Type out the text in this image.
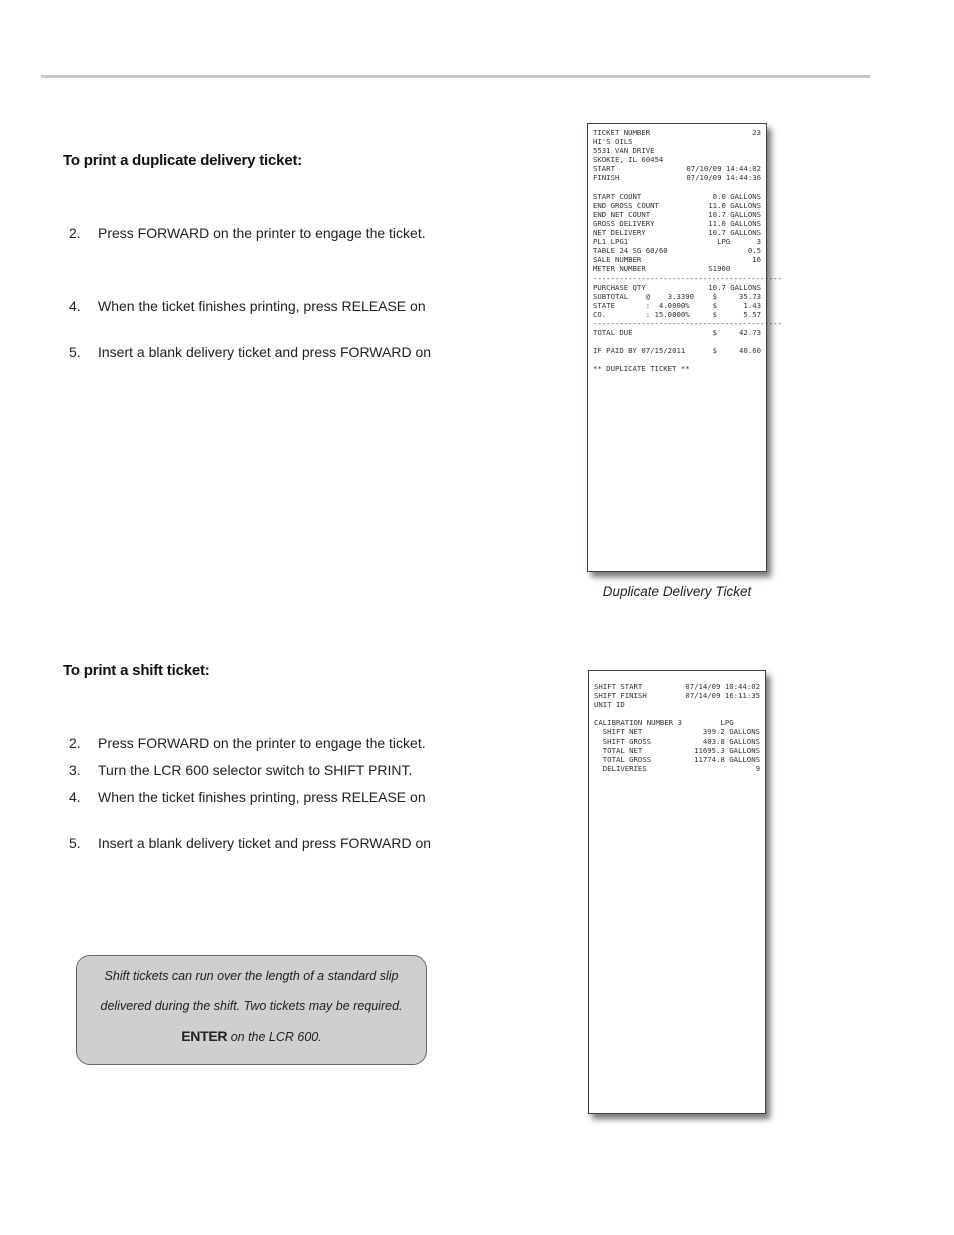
To print a duplicate delivery ticket:
2. Press FORWARD on the printer to engage the ticket.
4. When the ticket finishes printing, press RELEASE on
5. Insert a blank delivery ticket and press FORWARD on
TICKET NUMBER	23
HI'S OILS
5531 VAN DRIVE
SKOKIE, IL 60454
START	07/10/09 14:44:02
FINISH	07/10/09 14:44:36
START COUNT	0.0 GALLONS
END GROSS COUNT	11.0 GALLONS
END NET COUNT	10.7 GALLONS
GROSS DELIVERY	11.0 GALLONS
NET DELIVERY	10.7 GALLONS
PL1 LPG1	LPG      3
TABLE 24 SG 60/60	0.5
SALE NUMBER	16
METER NUMBER	S1900
-------------------------------------------
PURCHASE QTY	10.7 GALLONS
SUBTOTAL    @    3.3390	$     35.73
STATE       :  4.0000%	$      1.43
CO.         : 15.0000%	$      5.57
-------------------------------------------
TOTAL DUE	$     42.73
IF PAID BY 07/15/2011	$     40.60
** DUPLICATE TICKET **
Duplicate Delivery Ticket
To print a shift ticket:
2. Press FORWARD on the printer to engage the ticket.
3. Turn the LCR 600 selector switch to SHIFT PRINT.
4. When the ticket finishes printing, press RELEASE on
5. Insert a blank delivery ticket and press FORWARD on
SHIFT START	07/14/09 10:44:02
SHIFT FINISH	07/14/09 16:11:35
UNIT ID
CALIBRATION NUMBER 3	LPG
SHIFT NET	399.2 GALLONS
SHIFT GROSS	403.8 GALLONS
TOTAL NET	11695.3 GALLONS
TOTAL GROSS	11774.8 GALLONS
DELIVERIES	9
Shift tickets can run over the length of a standard slip
delivered during the shift. Two tickets may be required.
ENTER on the LCR 600.
